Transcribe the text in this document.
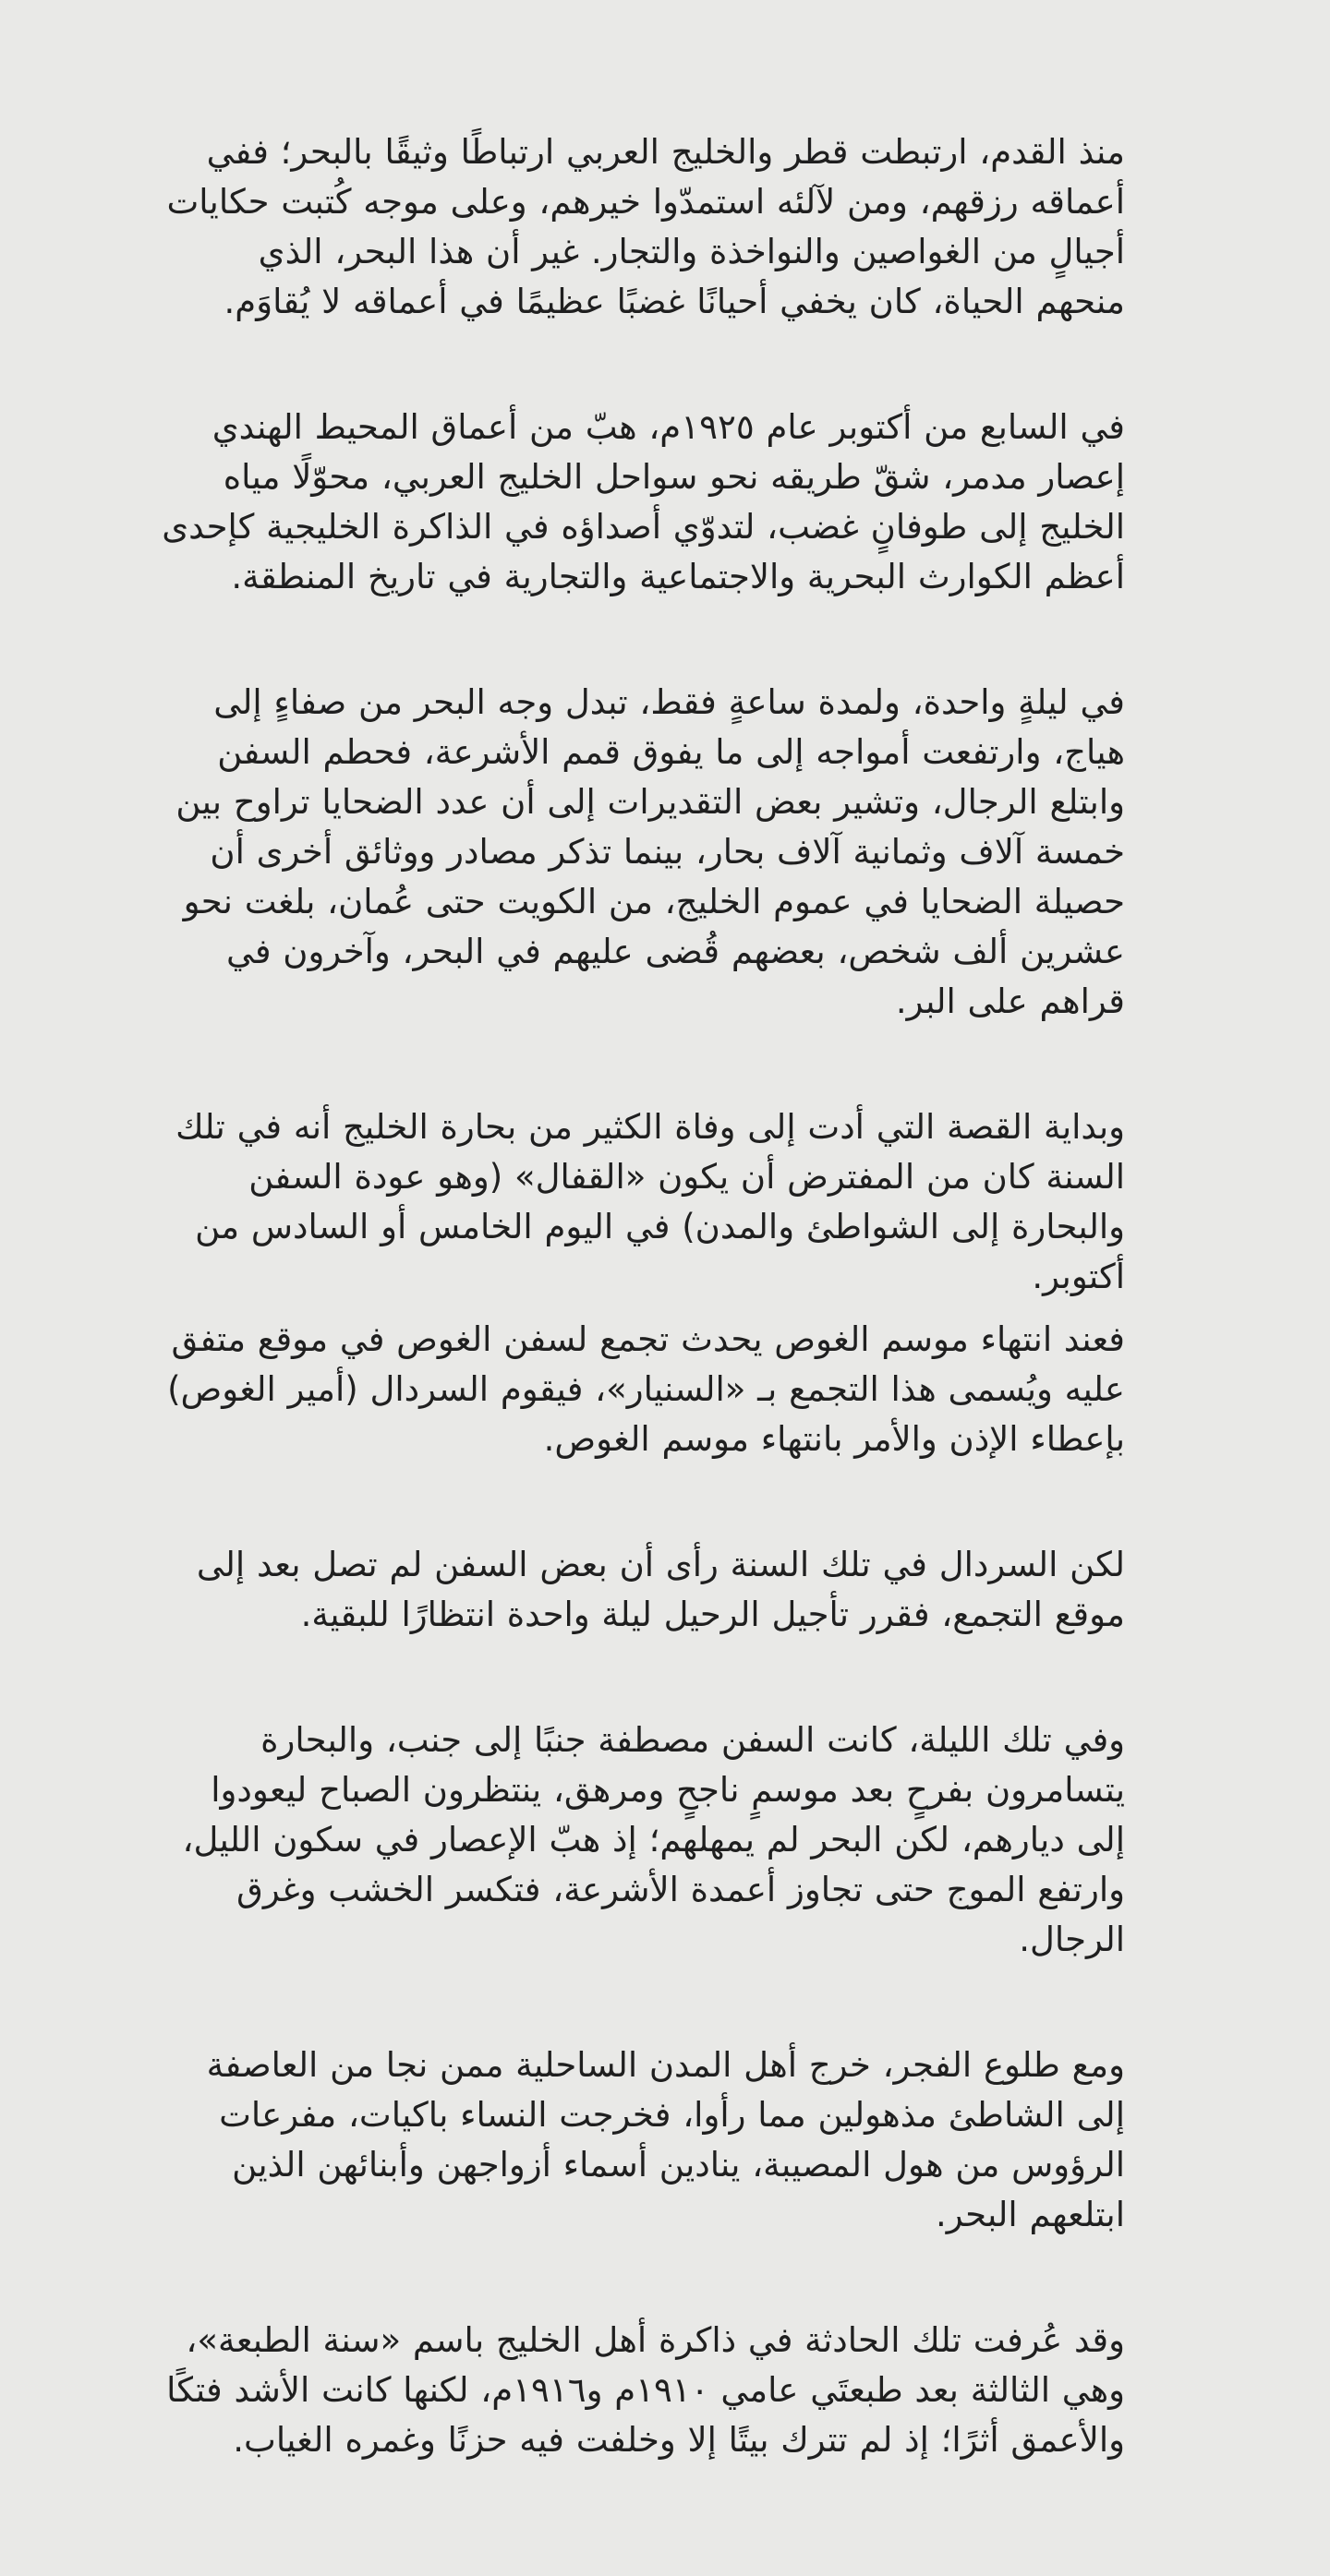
منذ القدم، ارتبطت قطر والخليج العربي ارتباطًا وثيقًا بالبحر؛ ففي أعماقه رزقهم، ومن لآلئه استمدّوا خيرهم، وعلى موجه كُتبت حكايات أجيالٍ من الغواصين والنواخذة والتجار. غير أن هذا البحر، الذي منحهم الحياة، كان يخفي أحيانًا غضبًا عظيمًا في أعماقه لا يُقاوَم.

في السابع من أكتوبر عام ١٩٢٥م، هبّ من أعماق المحيط الهندي إعصار مدمر، شقّ طريقه نحو سواحل الخليج العربي، محوّلًا مياه الخليج إلى طوفانٍ غضب، لتدوّي أصداؤه في الذاكرة الخليجية كإحدى أعظم الكوارث البحرية والاجتماعية والتجارية في تاريخ المنطقة.

في ليلةٍ واحدة، ولمدة ساعةٍ فقط، تبدل وجه البحر من صفاءٍ إلى هياج، وارتفعت أمواجه إلى ما يفوق قمم الأشرعة، فحطم السفن وابتلع الرجال، وتشير بعض التقديرات إلى أن عدد الضحايا تراوح بين خمسة آلاف وثمانية آلاف بحار، بينما تذكر مصادر ووثائق أخرى أن حصيلة الضحايا في عموم الخليج، من الكويت حتى عُمان، بلغت نحو عشرين ألف شخص، بعضهم قُضى عليهم في البحر، وآخرون في قراهم على البر.

وبداية القصة التي أدت إلى وفاة الكثير من بحارة الخليج أنه في تلك السنة كان من المفترض أن يكون «القفال» (وهو عودة السفن والبحارة إلى الشواطئ والمدن) في اليوم الخامس أو السادس من أكتوبر.

فعند انتهاء موسم الغوص يحدث تجمع لسفن الغوص في موقع متفق عليه ويُسمى هذا التجمع بـ «السنيار»، فيقوم السردال (أمير الغوص) بإعطاء الإذن والأمر بانتهاء موسم الغوص.

لكن السردال في تلك السنة رأى أن بعض السفن لم تصل بعد إلى موقع التجمع، فقرر تأجيل الرحيل ليلة واحدة انتظارًا للبقية.

وفي تلك الليلة، كانت السفن مصطفة جنبًا إلى جنب، والبحارة يتسامرون بفرحٍ بعد موسمٍ ناجحٍ ومرهق، ينتظرون الصباح ليعودوا إلى ديارهم، لكن البحر لم يمهلهم؛ إذ هبّ الإعصار في سكون الليل، وارتفع الموج حتى تجاوز أعمدة الأشرعة، فتكسر الخشب وغرق الرجال.

ومع طلوع الفجر، خرج أهل المدن الساحلية ممن نجا من العاصفة إلى الشاطئ مذهولين مما رأوا، فخرجت النساء باكيات، مفرعات الرؤوس من هول المصيبة، ينادين أسماء أزواجهن وأبنائهن الذين ابتلعهم البحر.

وقد عُرفت تلك الحادثة في ذاكرة أهل الخليج باسم «سنة الطبعة»، وهي الثالثة بعد طبعتَي عامي ١٩١٠م و١٩١٦م، لكنها كانت الأشد فتكًا والأعمق أثرًا؛ إذ لم تترك بيتًا إلا وخلفت فيه حزنًا وغمره الغياب.
